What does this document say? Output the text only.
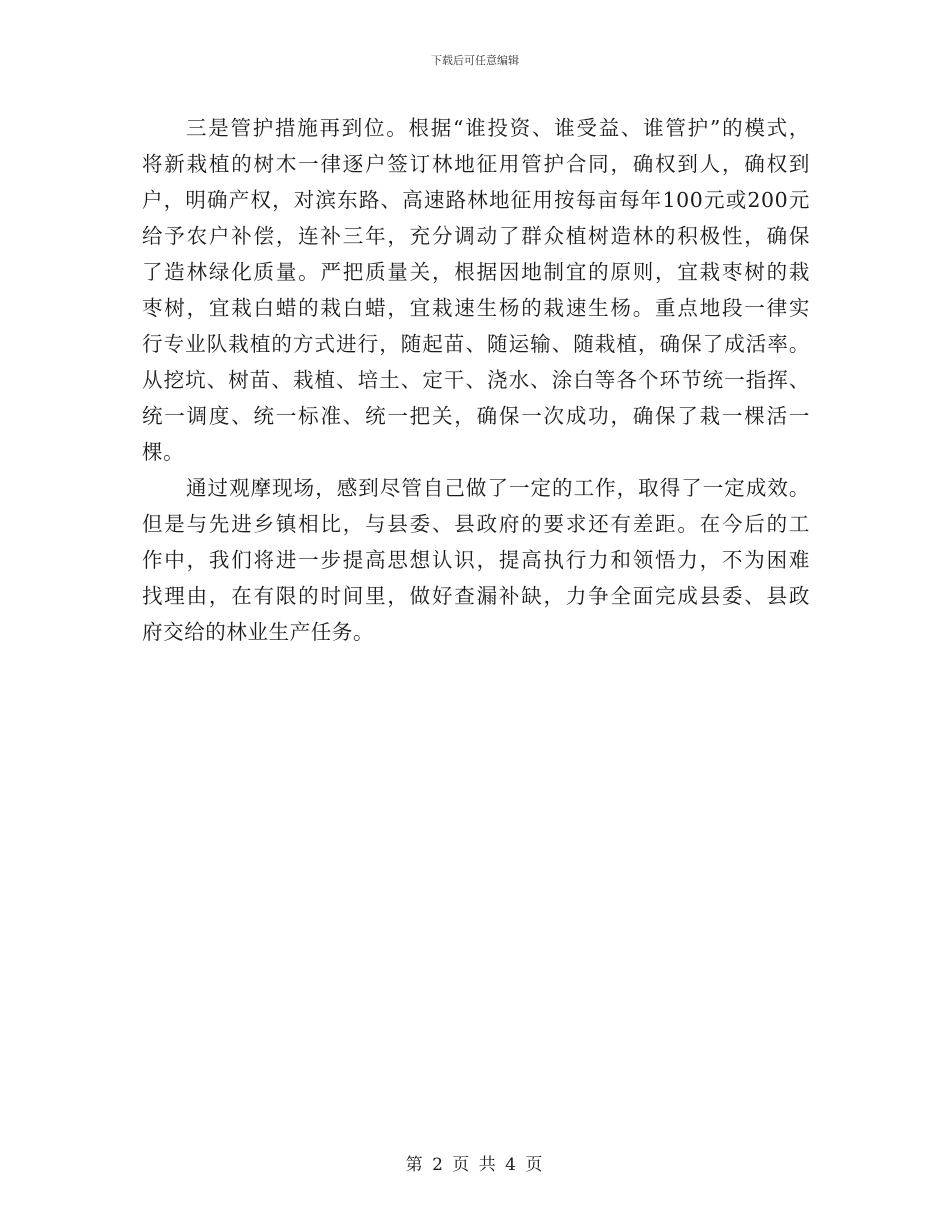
下载后可任意编辑
三是管护措施再到位。根据“谁投资、谁受益、谁管护”的模式，
将新栽植的树木一律逐户签订林地征用管护合同，确权到人，确权到
户，明确产权，对滨东路、高速路林地征用按每亩每年100元或200元
给予农户补偿，连补三年，充分调动了群众植树造林的积极性，确保
了造林绿化质量。严把质量关，根据因地制宜的原则，宜栽枣树的栽
枣树，宜栽白蜡的栽白蜡，宜栽速生杨的栽速生杨。重点地段一律实
行专业队栽植的方式进行，随起苗、随运输、随栽植，确保了成活率。
从挖坑、树苗、栽植、培土、定干、浇水、涂白等各个环节统一指挥、
统一调度、统一标准、统一把关，确保一次成功，确保了栽一棵活一
棵。
通过观摩现场，感到尽管自己做了一定的工作，取得了一定成效。
但是与先进乡镇相比，与县委、县政府的要求还有差距。在今后的工
作中，我们将进一步提高思想认识，提高执行力和领悟力，不为困难
找理由，在有限的时间里，做好查漏补缺，力争全面完成县委、县政
府交给的林业生产任务。
第 2 页 共 4 页
